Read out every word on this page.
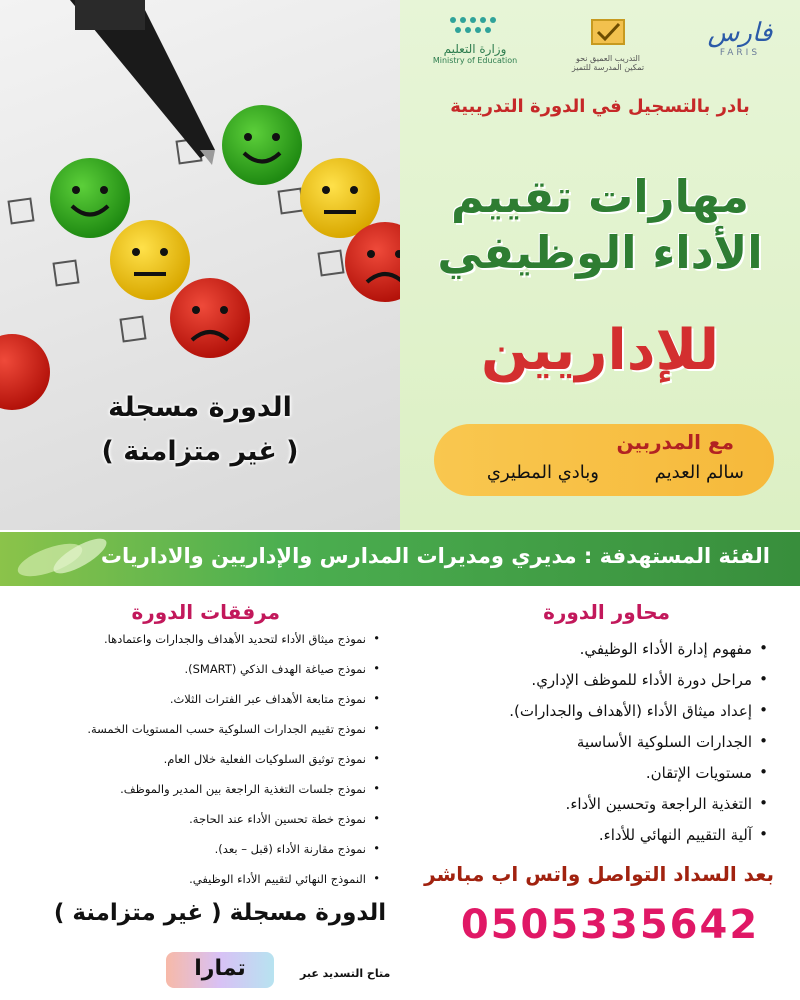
الدورة مسجلة
( غير متزامنة )
وزارة التعليم
Ministry of Education	التدريب العميق نحو
تمكين المدرسة للتميز
فارس
FARIS
بادر بالتسجيل في الدورة التدريبية
مهارات تقييم
الأداء الوظيفي
للإداريين
مع المدربين
سالم العديم
وبادي المطيري
الفئة المستهدفة : مديري ومديرات المدارس والإداريين والاداريات
محاور الدورة
• مفهوم إدارة الأداء الوظيفي.
• مراحل دورة الأداء للموظف الإداري.
• إعداد ميثاق الأداء (الأهداف والجدارات).
• الجدارات السلوكية الأساسية
• مستويات الإتقان.
• التغذية الراجعة وتحسين الأداء.
• آلية التقييم النهائي للأداء.
مرفقات الدورة
• نموذج ميثاق الأداء لتحديد الأهداف والجدارات واعتمادها.
• نموذج صياغة الهدف الذكي (SMART).
• نموذج متابعة الأهداف عبر الفترات الثلاث.
• نموذج تقييم الجدارات السلوكية حسب المستويات الخمسة.
• نموذج توثيق السلوكيات الفعلية خلال العام.
• نموذج جلسات التغذية الراجعة بين المدير والموظف.
• نموذج خطة تحسين الأداء عند الحاجة.
• نموذج مقارنة الأداء (قبل – بعد).
• النموذج النهائي لتقييم الأداء الوظيفي.	بعد السداد التواصل واتس اب مباشر
0505335642
الدورة مسجلة ( غير متزامنة )
متاح التسديد عبر
تمارا
